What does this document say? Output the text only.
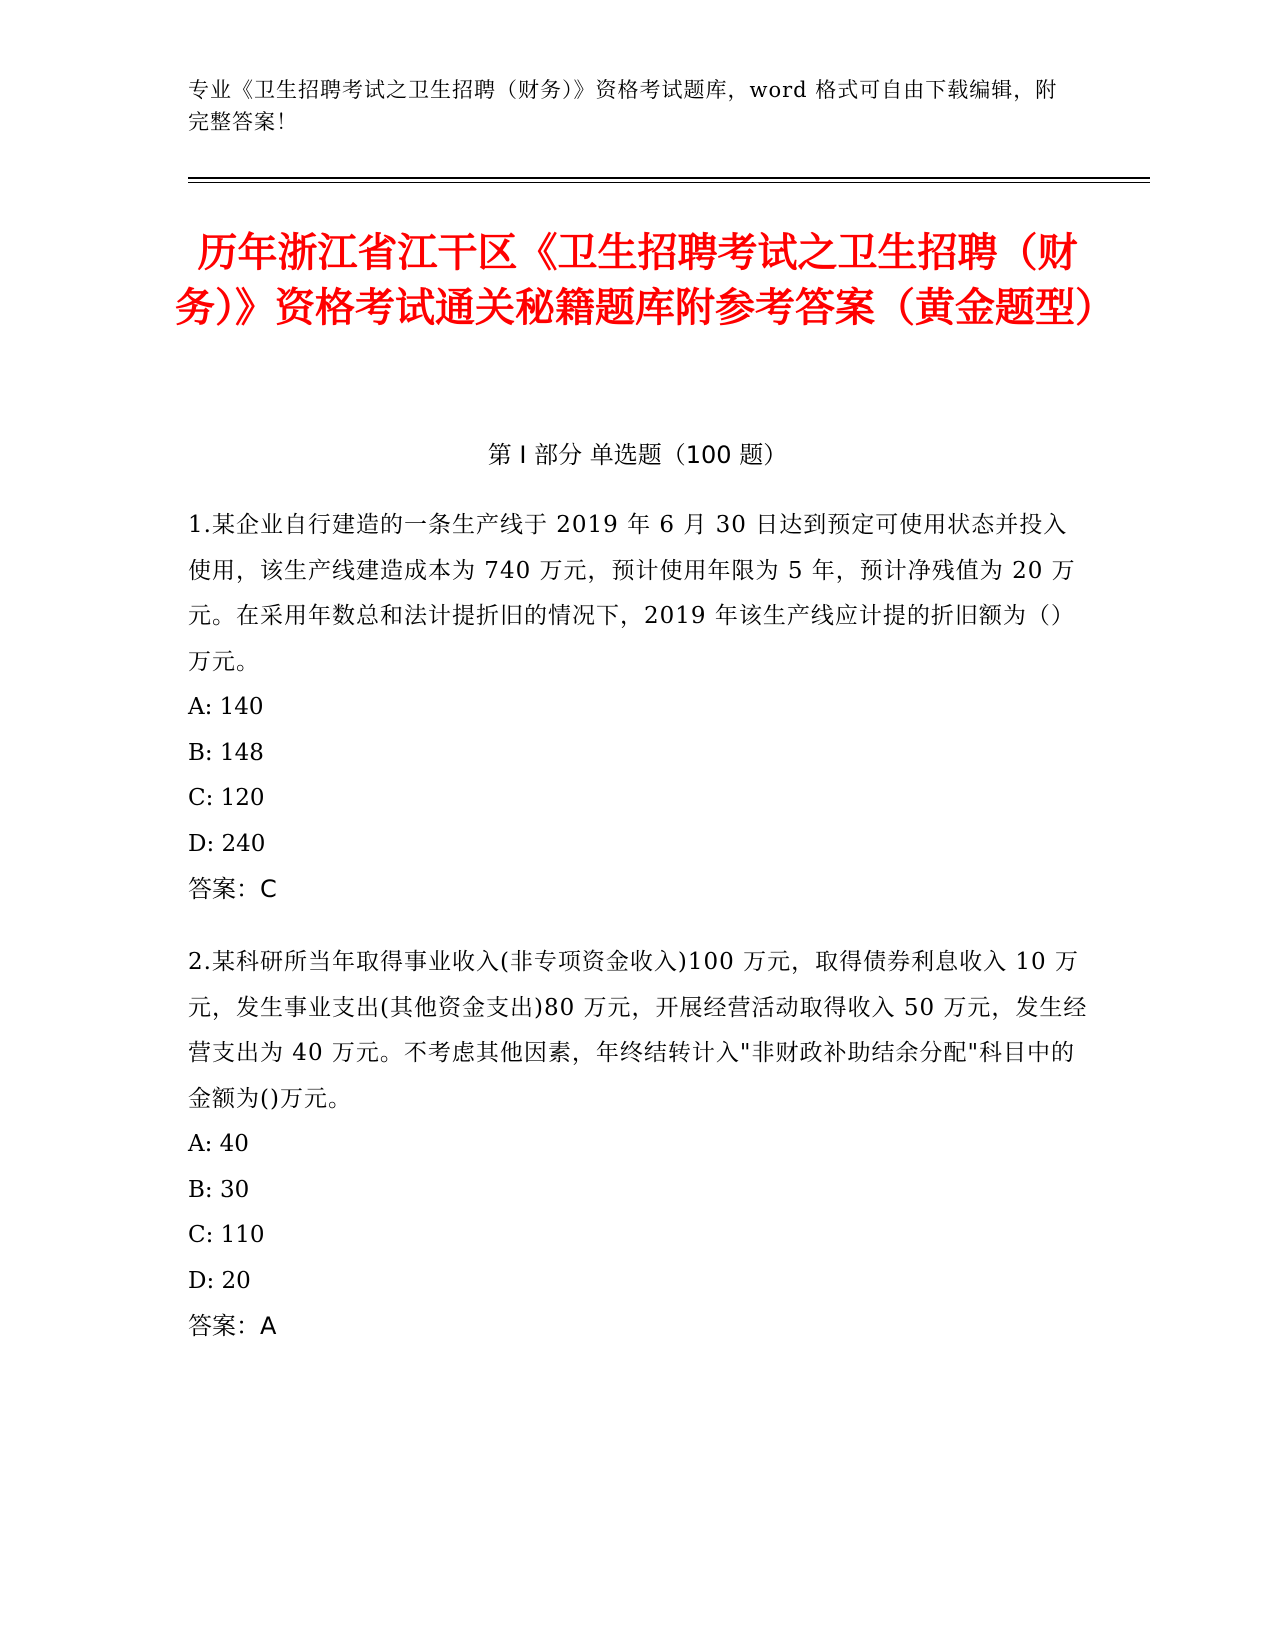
专业《卫生招聘考试之卫生招聘（财务）》资格考试题库，word 格式可自由下载编辑，附完整答案！
历年浙江省江干区《卫生招聘考试之卫生招聘（财务）》资格考试通关秘籍题库附参考答案（黄金题型）
第 I 部分 单选题（100 题）
1.某企业自行建造的一条生产线于 2019 年 6 月 30 日达到预定可使用状态并投入使用，该生产线建造成本为 740 万元，预计使用年限为 5 年，预计净残值为 20 万元。在采用年数总和法计提折旧的情况下，2019 年该生产线应计提的折旧额为（）万元。
A: 140
B: 148
C: 120
D: 240
答案：C
2.某科研所当年取得事业收入(非专项资金收入)100 万元，取得债券利息收入 10 万元，发生事业支出(其他资金支出)80 万元，开展经营活动取得收入 50 万元，发生经营支出为 40 万元。不考虑其他因素，年终结转计入"非财政补助结余分配"科目中的金额为()万元。
A: 40
B: 30
C: 110
D: 20
答案：A
